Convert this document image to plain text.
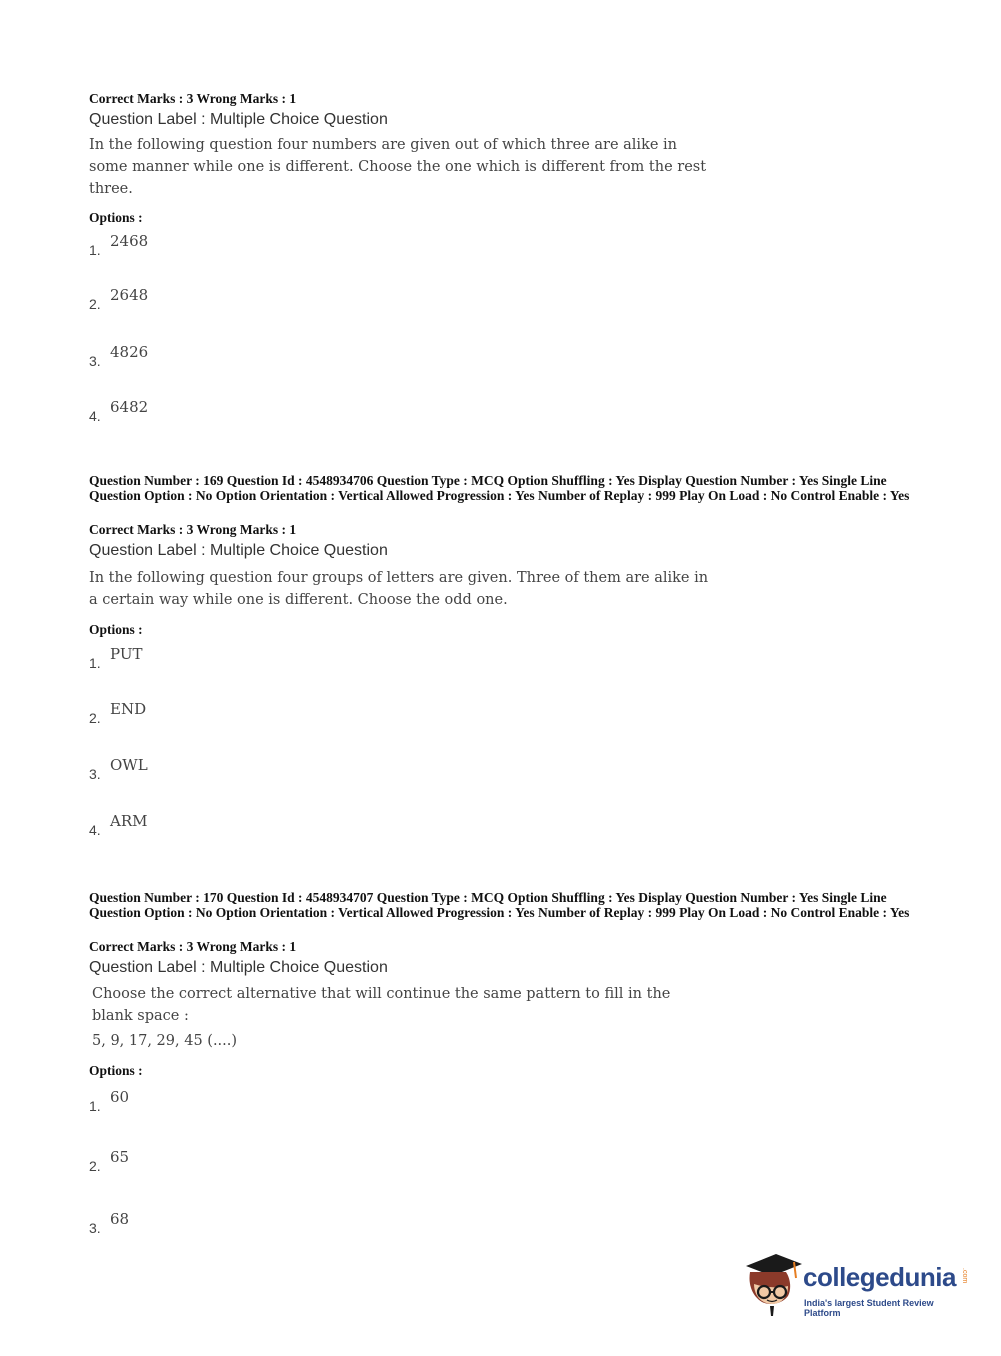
Correct Marks : 3 Wrong Marks : 1
Question Label : Multiple Choice Question
In the following question four numbers are given out of which three are alike in some manner while one is different. Choose the one which is different from the rest three.
Options :
1. 2468
2. 2648
3. 4826
4. 6482
Question Number : 169 Question Id : 4548934706 Question Type : MCQ Option Shuffling : Yes Display Question Number : Yes Single Line Question Option : No Option Orientation : Vertical Allowed Progression : Yes Number of Replay : 999 Play On Load : No Control Enable : Yes
Correct Marks : 3 Wrong Marks : 1
Question Label : Multiple Choice Question
In the following question four groups of letters are given. Three of them are alike in a certain way while one is different. Choose the odd one.
Options :
1. PUT
2. END
3. OWL
4. ARM
Question Number : 170 Question Id : 4548934707 Question Type : MCQ Option Shuffling : Yes Display Question Number : Yes Single Line Question Option : No Option Orientation : Vertical Allowed Progression : Yes Number of Replay : 999 Play On Load : No Control Enable : Yes
Correct Marks : 3 Wrong Marks : 1
Question Label : Multiple Choice Question
Choose the correct alternative that will continue the same pattern to fill in the blank space :
5, 9, 17, 29, 45 (....)
Options :
1. 60
2. 65
3. 68
collegedunia .com
India's largest Student Review Platform
